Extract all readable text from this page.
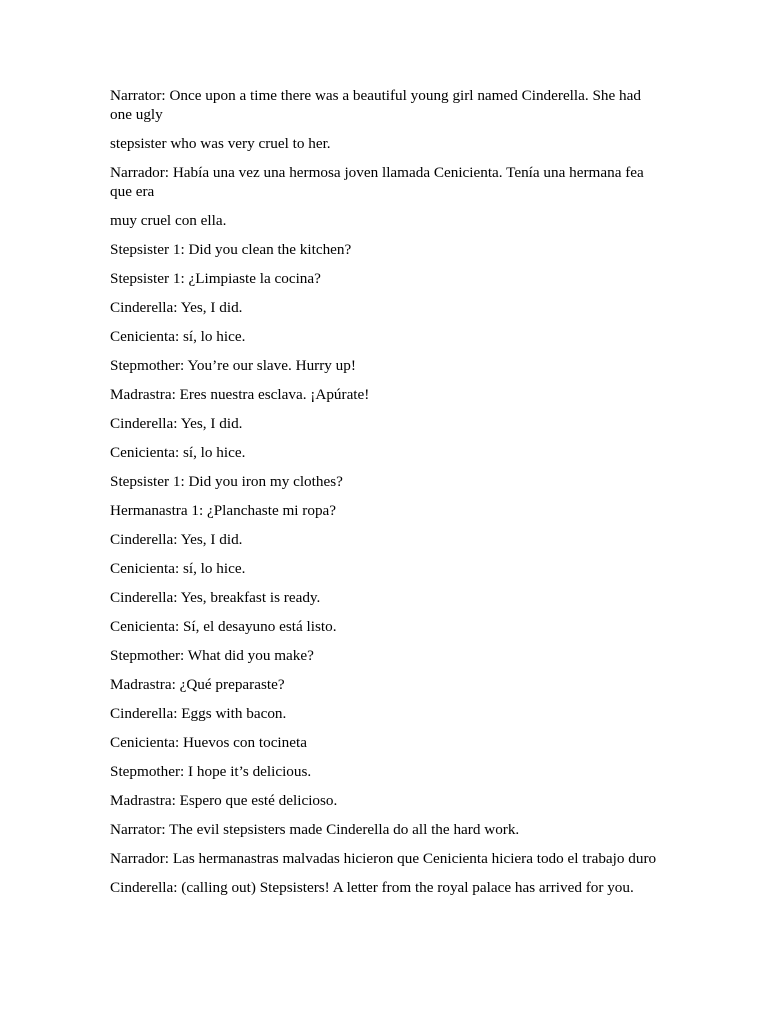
Narrator: Once upon a time there was a beautiful young girl named Cinderella. She had one ugly

stepsister who was very cruel to her.

Narrador: Había una vez una hermosa joven llamada Cenicienta. Tenía una hermana fea que era

muy cruel con ella.

Stepsister 1: Did you clean the kitchen?

Stepsister 1: ¿Limpiaste la cocina?

Cinderella: Yes, I did.

Cenicienta: sí, lo hice.

Stepmother: You’re our slave. Hurry up!

Madrastra: Eres nuestra esclava. ¡Apúrate!

Cinderella: Yes, I did.

Cenicienta: sí, lo hice.

Stepsister 1: Did you iron my clothes?

Hermanastra 1: ¿Planchaste mi ropa?

Cinderella: Yes, I did.

Cenicienta: sí, lo hice.

Cinderella: Yes, breakfast is ready.

Cenicienta: Sí, el desayuno está listo.

Stepmother: What did you make?

Madrastra: ¿Qué preparaste?

Cinderella: Eggs with bacon.

Cenicienta: Huevos con tocineta

Stepmother: I hope it’s delicious.

Madrastra: Espero que esté delicioso.

Narrator: The evil stepsisters made Cinderella do all the hard work.

Narrador: Las hermanastras malvadas hicieron que Cenicienta hiciera todo el trabajo duro

Cinderella: (calling out) Stepsisters! A letter from the royal palace has arrived for you.
